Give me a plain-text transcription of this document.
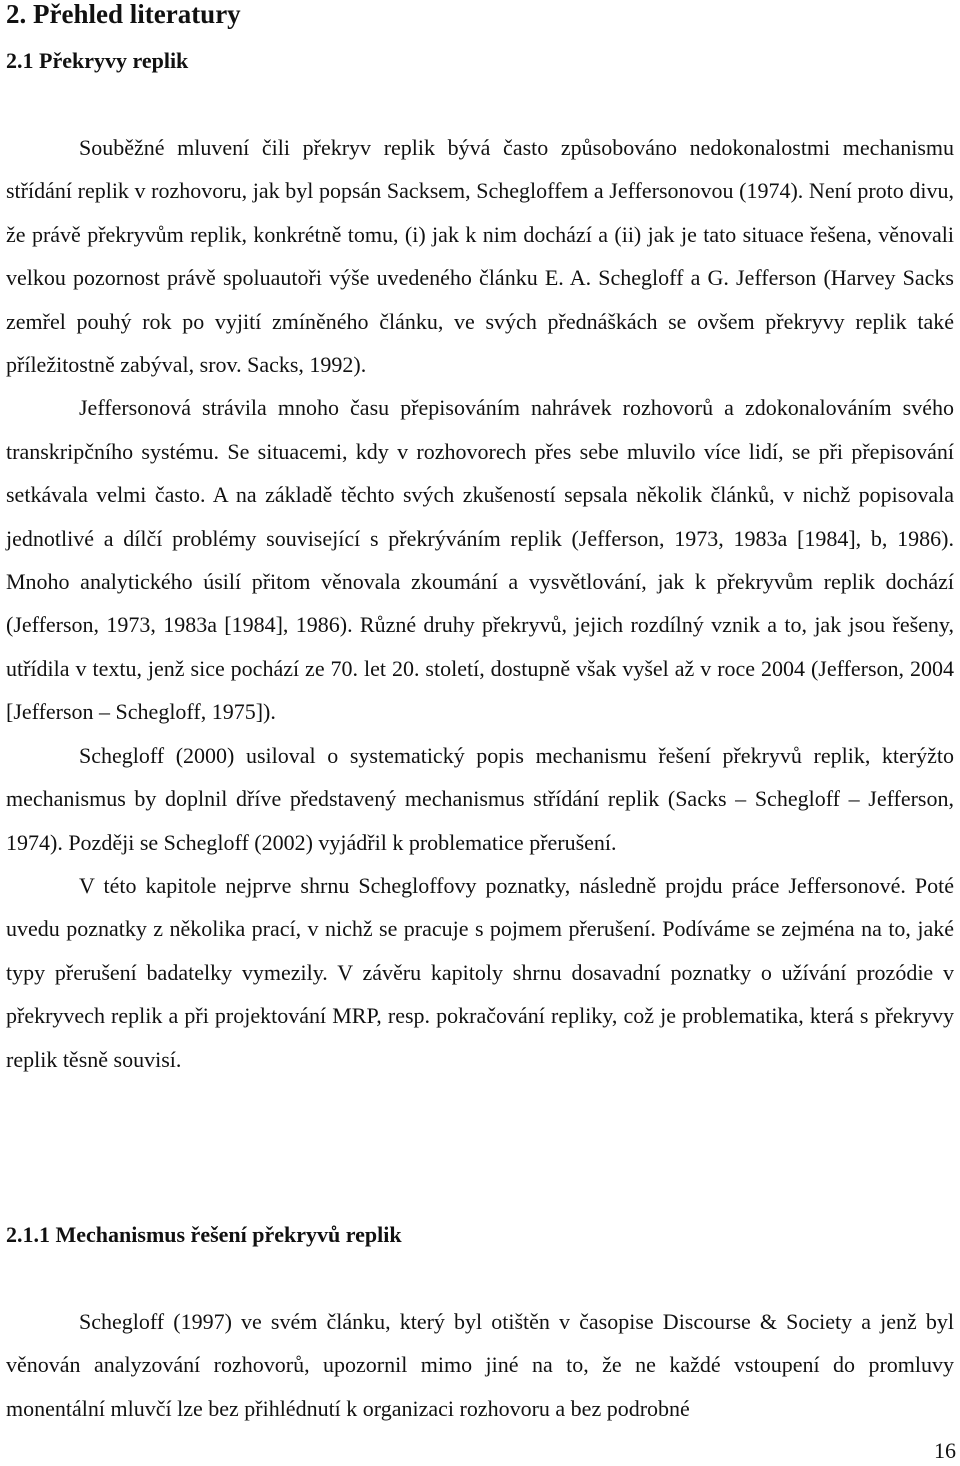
2. Přehled literatury
2.1 Překryvy replik

Souběžné mluvení čili překryv replik bývá často způsobováno nedokonalostmi mechanismu střídání replik v rozhovoru, jak byl popsán Sacksem, Schegloffem a Jeffersonovou (1974). Není proto divu, že právě překryvům replik, konkrétně tomu, (i) jak k nim dochází a (ii) jak je tato situace řešena, věnovali velkou pozornost právě spoluautoři výše uvedeného článku E. A. Schegloff a G. Jefferson (Harvey Sacks zemřel pouhý rok po vyjití zmíněného článku, ve svých přednáškách se ovšem překryvy replik také příležitostně zabýval, srov. Sacks, 1992).

Jeffersonová strávila mnoho času přepisováním nahrávek rozhovorů a zdokonalováním svého transkripčního systému. Se situacemi, kdy v rozhovorech přes sebe mluvilo více lidí, se při přepisování setkávala velmi často. A na základě těchto svých zkušeností sepsala několik článků, v nichž popisovala jednotlivé a dílčí problémy související s překrýváním replik (Jefferson, 1973, 1983a [1984], b, 1986). Mnoho analytického úsilí přitom věnovala zkoumání a vysvětlování, jak k překryvům replik dochází (Jefferson, 1973, 1983a [1984], 1986). Různé druhy překryvů, jejich rozdílný vznik a to, jak jsou řešeny, utřídila v textu, jenž sice pochází ze 70. let 20. století, dostupně však vyšel až v roce 2004 (Jefferson, 2004 [Jefferson – Schegloff, 1975]).

Schegloff (2000) usiloval o systematický popis mechanismu řešení překryvů replik, kterýžto mechanismus by doplnil dříve představený mechanismus střídání replik (Sacks – Schegloff – Jefferson, 1974). Později se Schegloff (2002) vyjádřil k problematice přerušení.

V této kapitole nejprve shrnu Schegloffovy poznatky, následně projdu práce Jeffersonové. Poté uvedu poznatky z několika prací, v nichž se pracuje s pojmem přerušení. Podíváme se zejména na to, jaké typy přerušení badatelky vymezily. V závěru kapitoly shrnu dosavadní poznatky o užívání prozódie v překryvech replik a při projektování MRP, resp. pokračování repliky, což je problematika, která s překryvy replik těsně souvisí.

2.1.1 Mechanismus řešení překryvů replik

Schegloff (1997) ve svém článku, který byl otištěn v časopise Discourse & Society a jenž byl věnován analyzování rozhovorů, upozornil mimo jiné na to, že ne každé vstoupení do promluvy monentální mluvčí lze bez přihlédnutí k organizaci rozhovoru a bez podrobné

16
